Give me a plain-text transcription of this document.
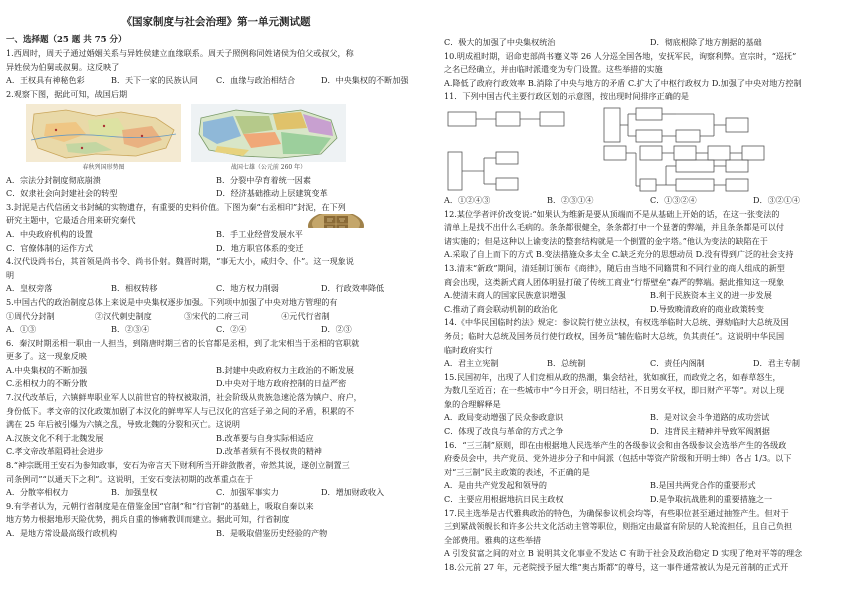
《国家制度与社会治理》第一单元测试题
一、选择题（25 题 共 75 分）
1.西周时，周天子通过婚姻关系与异姓侯建立血缘联系。周天子照例称同姓诸侯为伯父或叔父，称
异姓侯为伯舅或叔舅。这反映了
A．王权具有神秘色彩	B．天下一家的民族认同	C．血缘与政治相结合	D．中央集权的不断加强
2.观察下图，据此可知，战国后期
春秋列国形势图	战国七雄（公元前 260 年）
A．宗法分封制度彻底崩溃	B．分裂中孕育着统一因素
C．奴隶社会向封建社会的转型	D．经济基础推动上层建筑变革
3.封泥是古代信函文书封缄的实物遗存，有重要的史料价值。下图为秦“右丞相印”封泥，在下列
研究主题中，它最适合用来研究秦代
A．中央政府机构的设置	B．手工业经营发展水平
C．官僚体制的运作方式	D．地方职官体系的变迁
4.汉代设尚书台，其首领是尚书令、尚书仆射。魏晋时期，“事无大小，咸归令、仆”。这一现象说
明
A．皇权旁落	B．相权转移	C．地方权力削弱	D．行政效率降低
5.中国古代的政治制度总体上来说是中央集权逐步加强。下列项中加强了中央对地方管理的有
①周代分封制　　　　　②汉代刺史制度　　　　③宋代的二府三司　　　　④元代行省制
A．①③	B．②③④	C．②④	D．②③
6．秦汉时期丞相一职由一人担当，到隋唐时期三省的长官都是丞相，到了北宋相当于丞相的官职就
更多了。这一现象反映
A.中央集权的不断加强	B.封建中央政府权力主政治的不断发展
C.丞相权力的不断分散	D.中央对于地方政府控制的日益严密
7.汉代改革后，六镇鲜卑职业军人以前世官的特权被取消，社会阶级从贵族急速沦落为镇户、府户，
身份低下。孝文帝的汉化政策加剧了本汉化的鲜卑军人与已汉化的宫廷子弟之间的矛盾，积累的不
满在 25 年后被引爆为六镇之乱，导致北魏的分裂和灭亡。这说明
A.汉族文化不利于北魏发展	B.改革要与自身实际相适应
C.孝文帝改革阻碍社会进步	D.改革者须有不畏权贵的精神
8.“神宗既用王安石为参知政事，安石为帝言天下财利所当开辟敛散者，帝然其说，遂创立制置三
司条例司”“以通天下之利”。这说明，王安石变法初期的改革重点在于
A．分散宰相权力	B．加强皇权	C．加强军事实力	D．增加财政收入
9.有学者认为，元朝行省制度是在借鉴金国“官制”和“行官制”的基础上，吸取自秦以来
地方势力根据地形天险优势，拥兵自重的惨痛教训而建立。据此可知，行省制度
A．是地方常设最高级行政机构	B．是吸取借鉴历史经验的产物
C．极大的加强了中央集权统治	D．彻底根除了地方割据的基础
10.明成祖时期，诏命吏部尚书蹇义等 26 人分巡全国各地，安抚军民，询察利弊。宣宗时，“巡抚”
之名已经确立，并由临时派遣变为专门设置。这些举措的实施
A.降低了政府行政效率 B.消除了中央与地方的矛盾 C.扩大了中枢行政权力 D.加强了中央对地方控制
11．下列中国古代主要行政区划的示意图，按出现时间排序正确的是
A．①②④③	B．②③①④	C．①③②④	D．③②①④
12.某位学者评价改变说:“如果认为维新是要从顶端而不是从基础上开始的话，在这一张变法的
清单上是找不出什么毛病的。条条都很健全，条条都打中一个显著的弊端，并且条条都是可以付
诸实施的；但是这种以上谕变法的整套结构就是一个倒置的金字塔。”他认为变法的缺陷在于
A.采取了自上而下的方式 B.变法措施众多太全 C.缺乏充分的思想动员 D.没有得到广泛的社会支持
13.清末“新政”期间，清廷制订颁布《商律》，随后由当地不同籍贯和不同行业的商人组成的新型
商会出现，这类新式商人团体明显打破了传统工商业“行帮壁垒”森严的弊端。据此推知这一现象
A.使清末商人的国家民族意识增强	B.利于民族资本主义的进一步发展
C.推动了商会联动机制的政治化	D.导致晚清政府的商业政策转变
14.《中华民国临时约法》规定：参议院行使立法权，有权选举临时大总统、弹劾临时大总统及国
务员；临时大总统及国务员行使行政权，国务员“辅佐临时大总统，负其责任”。这说明中华民国
临时政府实行
A．君主立宪制	B．总统制	C．责任内阁制	D．君主专制
15.民国初年，出现了人们竞相从政的热潮，集会结社，犹如疯狂，而政党之名，如春草怒生，
为数几至近百；在一些城市中“今日开会，明日结社，不日男女平权，即日财产平等”。对以上现
象的合理解释是
A．政局变动增强了民众参政意识	B．是对议会斗争道路的成功尝试
C．体现了改良与革命的方式之争	D．违背民主精神并导致军阀割据
16．“三三制”原则，即在由根据地人民选举产生的各级参议会和由各级参议会选举产生的各级政
府委员会中，共产党员、党外进步分子和中间派（包括中等资产阶级和开明士绅）各占 1/3。以下
对“三三制”民主政策的表述，不正确的是
A．是由共产党发起和领导的	B.是国共两党合作的重要形式
C．主要应用根据地抗日民主政权	D.是争取抗战胜利的重要措施之一
17.民主选举是古代雅典政治的特色，为确保参议机会均等，有些职位甚至通过抽签产生。但对于
三到紧战领舰长和许多公共文化活动主管等职位，则指定由最富有阶层的人轮流担任，且自己负担
全部费用。雅典的这些举措
A 引发贫富之间的对立 B 说明其文化事业不发达 C 有助于社会及政治稳定 D 实现了绝对平等的理念
18.公元前 27 年，元老院授予屋大维“奥古斯都”的尊号，这一事件通常被认为是元首制的正式开
